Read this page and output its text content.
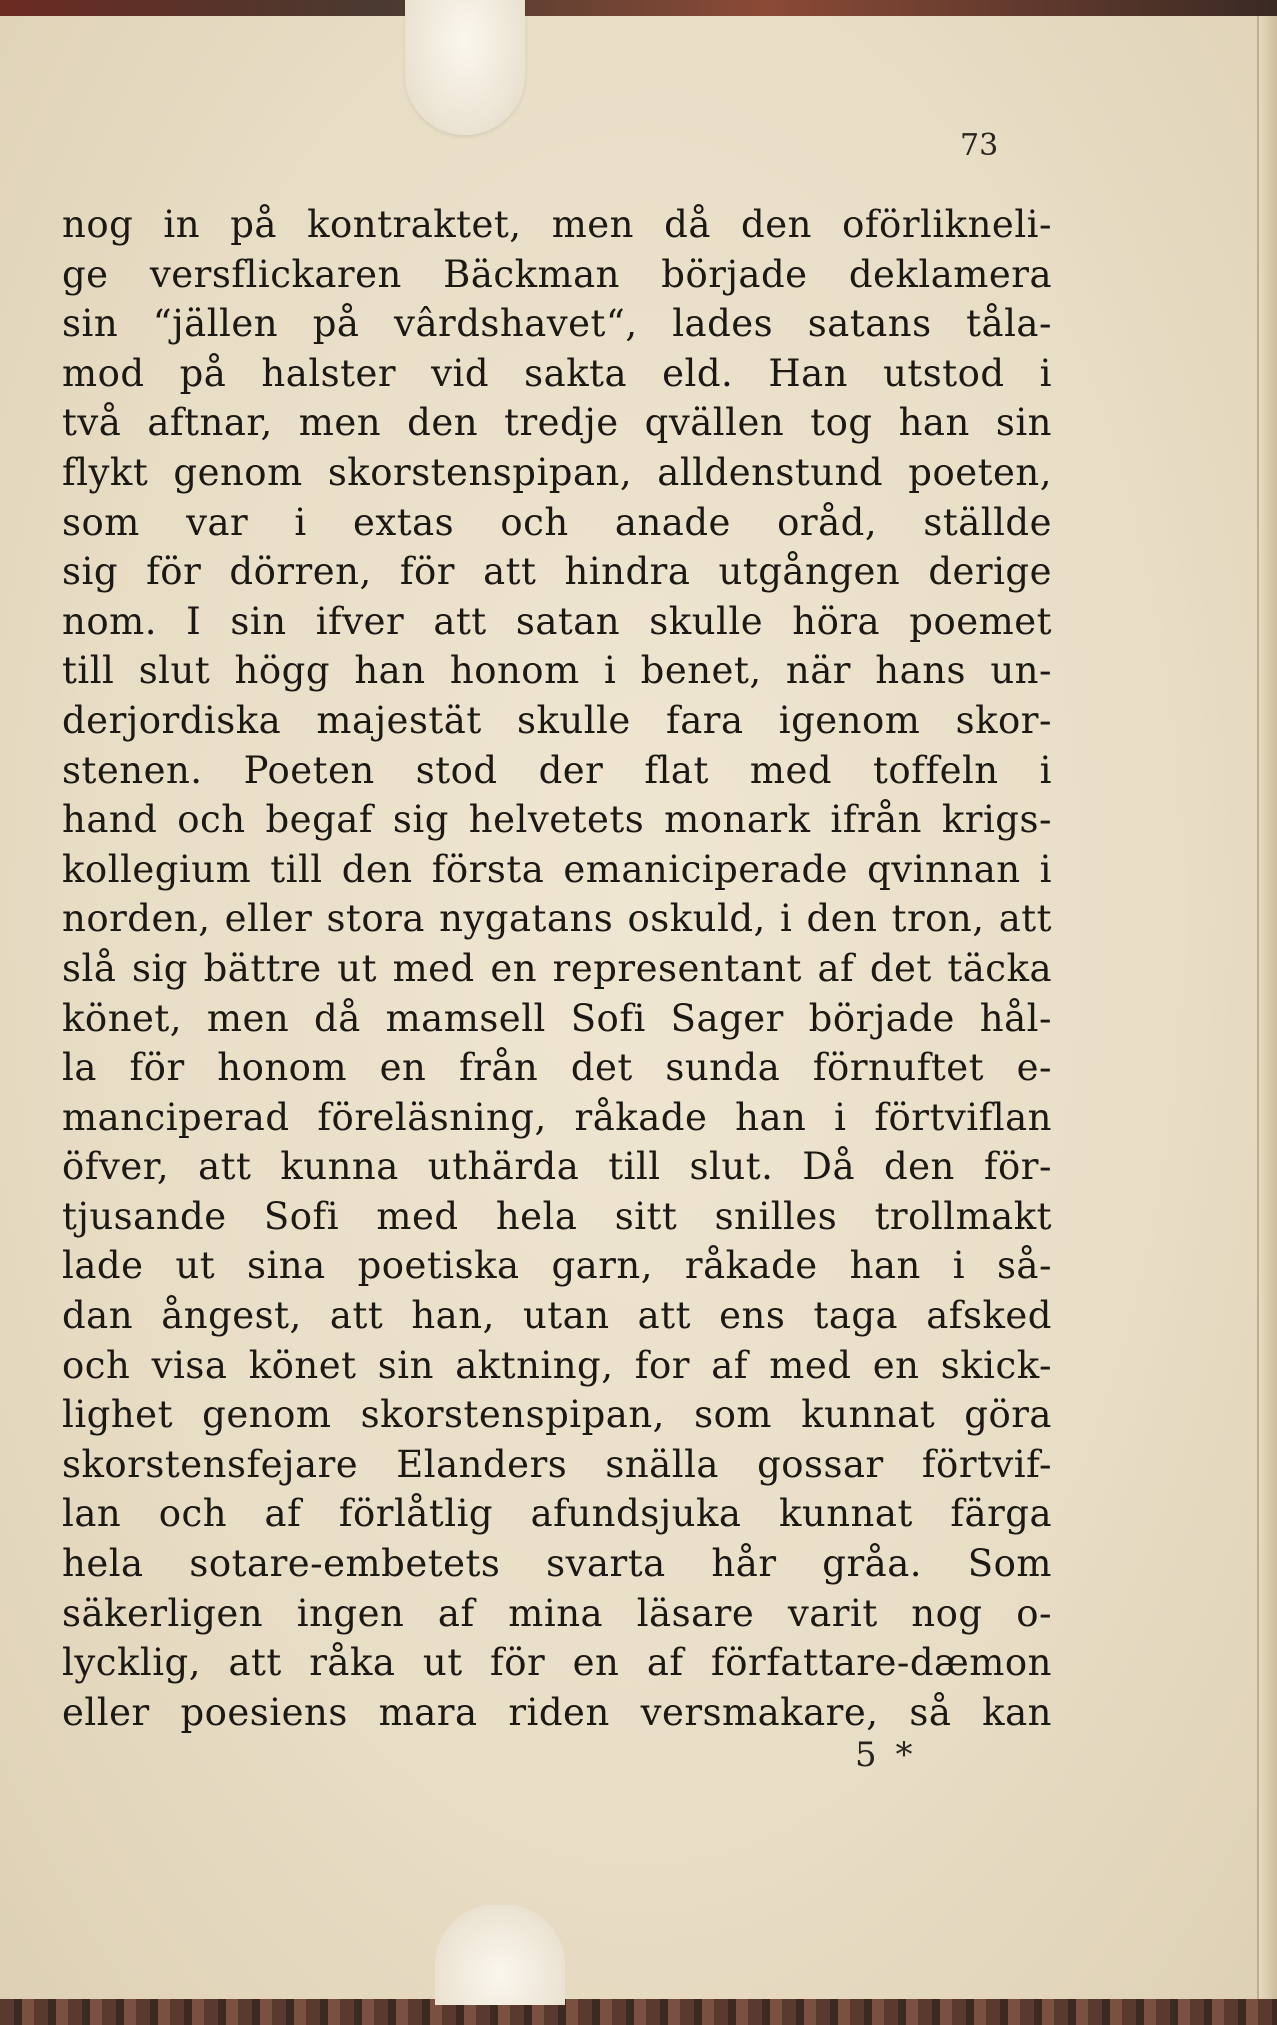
73
nog in på kontraktet, men då den oförlikneli-
ge versflickaren Bäckman började deklamera
sin “jällen på vârdshavet“, lades satans tåla-
mod på halster vid sakta eld. Han utstod i
två aftnar, men den tredje qvällen tog han sin
flykt genom skorstenspipan, alldenstund poeten,
som var i extas och anade oråd, ställde
sig för dörren, för att hindra utgången derige
nom. I sin ifver att satan skulle höra poemet
till slut högg han honom i benet, när hans un-
derjordiska majestät skulle fara igenom skor-
stenen. Poeten stod der flat med toffeln i
hand och begaf sig helvetets monark ifrån krigs-
kollegium till den första emaniciperade qvinnan i
norden, eller stora nygatans oskuld, i den tron, att
slå sig bättre ut med en representant af det täcka
könet, men då mamsell Sofi Sager började hål-
la för honom en från det sunda förnuftet e-
manciperad föreläsning, råkade han i förtviflan
öfver, att kunna uthärda till slut. Då den för-
tjusande Sofi med hela sitt snilles trollmakt
lade ut sina poetiska garn, råkade han i så-
dan ångest, att han, utan att ens taga afsked
och visa könet sin aktning, for af med en skick-
lighet genom skorstenspipan, som kunnat göra
skorstensfejare Elanders snälla gossar förtvif-
lan och af förlåtlig afundsjuka kunnat färga
hela sotare-embetets svarta hår gråa. Som
säkerligen ingen af mina läsare varit nog o-
lycklig, att råka ut för en af författare-dæmon
eller poesiens mara riden versmakare, så kan
5 *
